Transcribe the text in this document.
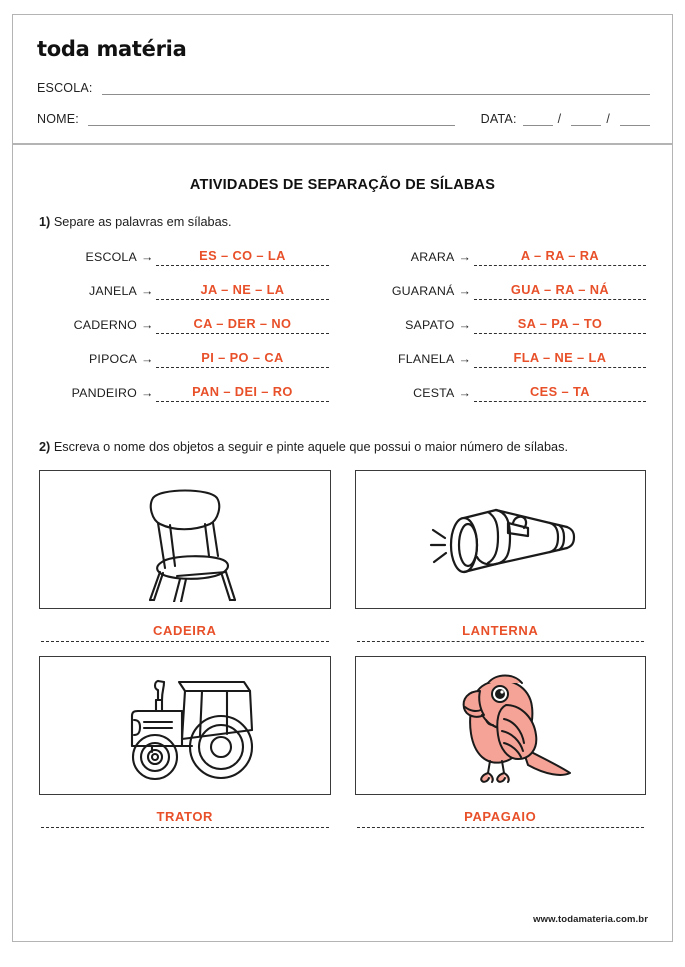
toda matéria
ESCOLA:
NOME:	DATA:	/	/
ATIVIDADES DE SEPARAÇÃO DE SÍLABAS
1) Separe as palavras em sílabas.
ESCOLA →	ES – CO – LA
JANELA →	JA – NE – LA
CADERNO →	CA – DER – NO
PIPOCA →	PI – PO – CA
PANDEIRO →	PAN – DEI – RO
ARARA →	A – RA – RA
GUARANÁ →	GUA – RA – NÁ
SAPATO →	SA – PA – TO
FLANELA →	FLA – NE – LA
CESTA →	CES – TA
2) Escreva o nome dos objetos a seguir e pinte aquele que possui o maior número de sílabas.
CADEIRA	LANTERNA
TRATOR	PAPAGAIO
www.todamateria.com.br
